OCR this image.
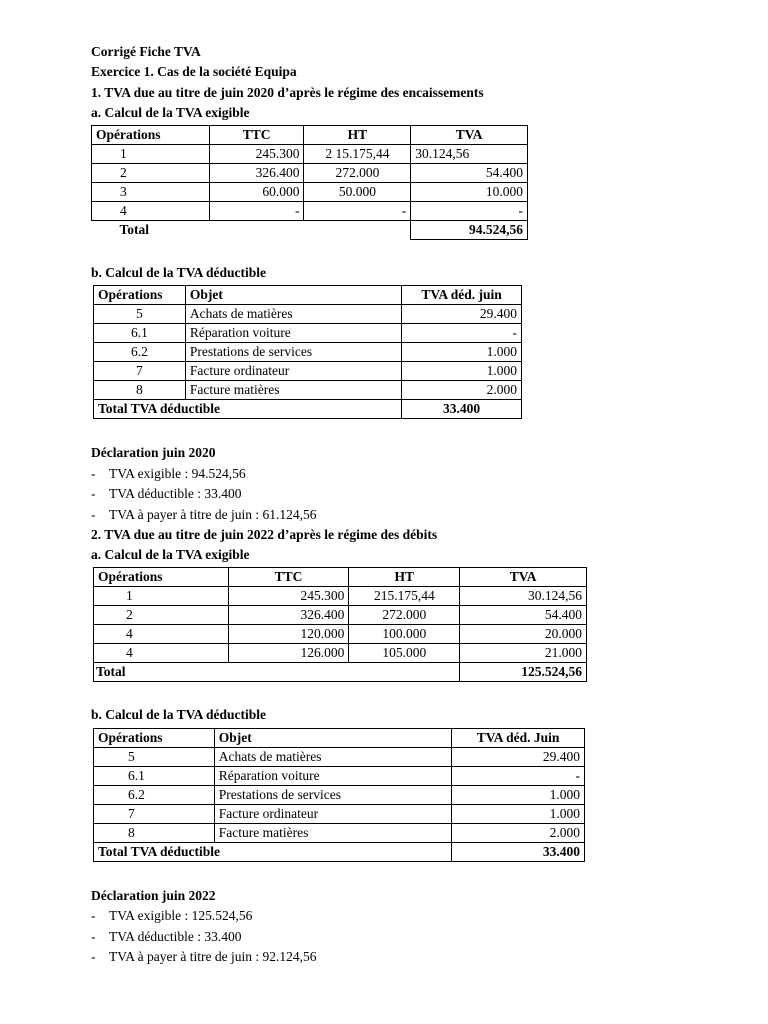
Corrigé Fiche TVA
Exercice 1. Cas de la société Equipa
1. TVA due au titre de juin 2020 d’après le régime des encaissements
a. Calcul de la TVA exigible
Opérations	TTC	HT	TVA
1	245.300	2 15.175,44	30.124,56
2	326.400	272.000	54.400
3	60.000	50.000	10.000
4	-	-	-
Total			94.524,56
b. Calcul de la TVA déductible
Opérations	Objet	TVA déd. juin
5	Achats de matières	29.400
6.1	Réparation voiture	-
6.2	Prestations de services	1.000
7	Facture ordinateur	1.000
8	Facture matières	2.000
Total TVA déductible		33.400
Déclaration juin 2020
- TVA exigible : 94.524,56
- TVA déductible : 33.400
- TVA à payer à titre de juin : 61.124,56
2. TVA due au titre de juin 2022 d’après le régime des débits
a. Calcul de la TVA exigible
Opérations	TTC	HT	TVA
1	245.300	215.175,44	30.124,56
2	326.400	272.000	54.400
4	120.000	100.000	20.000
4	126.000	105.000	21.000
Total			125.524,56
b. Calcul de la TVA déductible
Opérations	Objet	TVA déd. Juin
5	Achats de matières	29.400
6.1	Réparation voiture	-
6.2	Prestations de services	1.000
7	Facture ordinateur	1.000
8	Facture matières	2.000
Total TVA déductible		33.400
Déclaration juin 2022
- TVA exigible : 125.524,56
- TVA déductible : 33.400
- TVA à payer à titre de juin : 92.124,56
